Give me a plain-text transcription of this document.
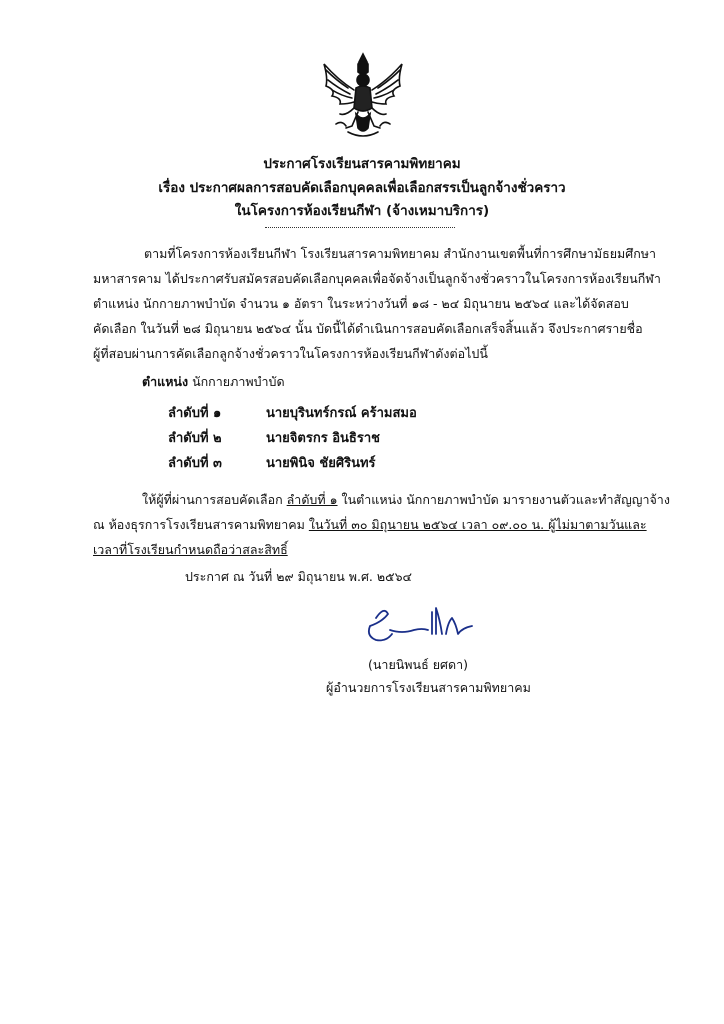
ประกาศโรงเรียนสารคามพิทยาคม
เรื่อง ประกาศผลการสอบคัดเลือกบุคคลเพื่อเลือกสรรเป็นลูกจ้างชั่วคราว
ในโครงการห้องเรียนกีฬา (จ้างเหมาบริการ)
ตามที่โครงการห้องเรียนกีฬา โรงเรียนสารคามพิทยาคม สำนักงานเขตพื้นที่การศึกษามัธยมศึกษา
มหาสารคาม ได้ประกาศรับสมัครสอบคัดเลือกบุคคลเพื่อจัดจ้างเป็นลูกจ้างชั่วคราวในโครงการห้องเรียนกีฬา
ตำแหน่ง นักกายภาพบำบัด จำนวน ๑ อัตรา ในระหว่างวันที่ ๑๘ - ๒๔ มิถุนายน ๒๕๖๔ และได้จัดสอบ
คัดเลือก ในวันที่ ๒๘ มิถุนายน ๒๕๖๔ นั้น บัดนี้ได้ดำเนินการสอบคัดเลือกเสร็จสิ้นแล้ว จึงประกาศรายชื่อ
ผู้ที่สอบผ่านการคัดเลือกลูกจ้างชั่วคราวในโครงการห้องเรียนกีฬาดังต่อไปนี้
ตำแหน่ง นักกายภาพบำบัด
ลำดับที่ ๑	นายบุรินทร์กรณ์ คร้ามสมอ
ลำดับที่ ๒	นายจิตรกร อินธิราช
ลำดับที่ ๓	นายพินิจ ชัยศิรินทร์
ให้ผู้ที่ผ่านการสอบคัดเลือก ลำดับที่ ๑ ในตำแหน่ง นักกายภาพบำบัด มารายงานตัวและทำสัญญาจ้าง
ณ ห้องธุรการโรงเรียนสารคามพิทยาคม ในวันที่ ๓๐ มิถุนายน ๒๕๖๔ เวลา ๐๙.๐๐ น. ผู้ไม่มาตามวันและ
เวลาที่โรงเรียนกำหนดถือว่าสละสิทธิ์
ประกาศ ณ วันที่ ๒๙ มิถุนายน พ.ศ. ๒๕๖๔
(นายนิพนธ์ ยศดา)
ผู้อำนวยการโรงเรียนสารคามพิทยาคม
